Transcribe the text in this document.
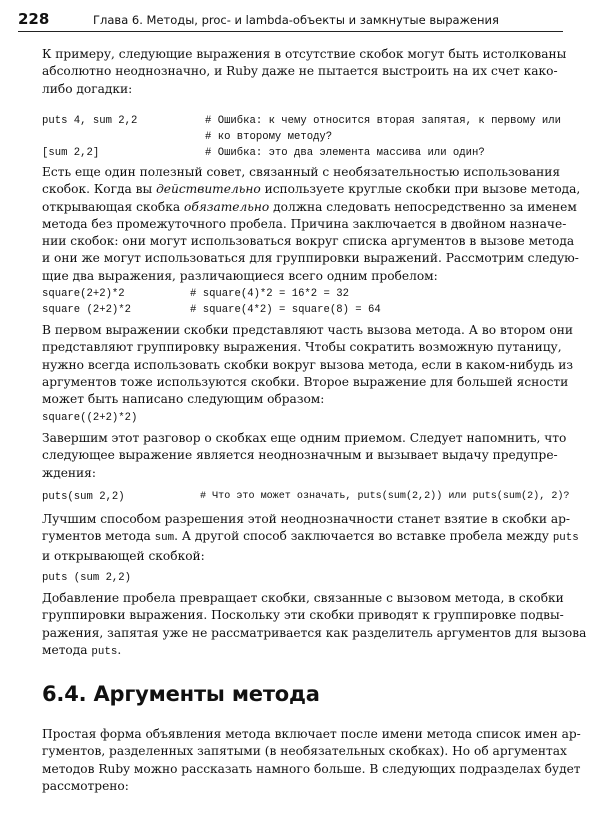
228	Глава 6. Методы, proc- и lambda-объекты и замкнутые выражения
К примеру, следующие выражения в отсутствие скобок могут быть истолкованы
абсолютно неоднозначно, и Ruby даже не пытается выстроить на их счет како-
либо догадки:
puts 4, sum 2,2	# Ошибка: к чему относится вторая запятая, к первому или
# ко второму методу?
[sum 2,2]	# Ошибка: это два элемента массива или один?
Есть еще один полезный совет, связанный с необязательностью использования
скобок. Когда вы действительно используете круглые скобки при вызове метода,
открывающая скобка обязательно должна следовать непосредственно за именем
метода без промежуточного пробела. Причина заключается в двойном назначе-
нии скобок: они могут использоваться вокруг списка аргументов в вызове метода
и они же могут использоваться для группировки выражений. Рассмотрим следую-
щие два выражения, различающиеся всего одним пробелом:
square(2+2)*2	# square(4)*2 = 16*2 = 32
square (2+2)*2	# square(4*2) = square(8) = 64
В первом выражении скобки представляют часть вызова метода. А во втором они
представляют группировку выражения. Чтобы сократить возможную путаницу,
нужно всегда использовать скобки вокруг вызова метода, если в каком-нибудь из
аргументов тоже используются скобки. Второе выражение для большей ясности
может быть написано следующим образом:
square((2+2)*2)
Завершим этот разговор о скобках еще одним приемом. Следует напомнить, что
следующее выражение является неоднозначным и вызывает выдачу предупре-
ждения:
puts(sum 2,2)	# Что это может означать, puts(sum(2,2)) или puts(sum(2), 2)?
Лучшим способом разрешения этой неоднозначности станет взятие в скобки ар-
гументов метода sum. А другой способ заключается во вставке пробела между puts
и открывающей скобкой:
puts (sum 2,2)
Добавление пробела превращает скобки, связанные с вызовом метода, в скобки
группировки выражения. Поскольку эти скобки приводят к группировке подвы-
ражения, запятая уже не рассматривается как разделитель аргументов для вызова
метода puts.
6.4. Аргументы метода
Простая форма объявления метода включает после имени метода список имен ар-
гументов, разделенных запятыми (в необязательных скобках). Но об аргументах
методов Ruby можно рассказать намного больше. В следующих подразделах будет
рассмотрено:
